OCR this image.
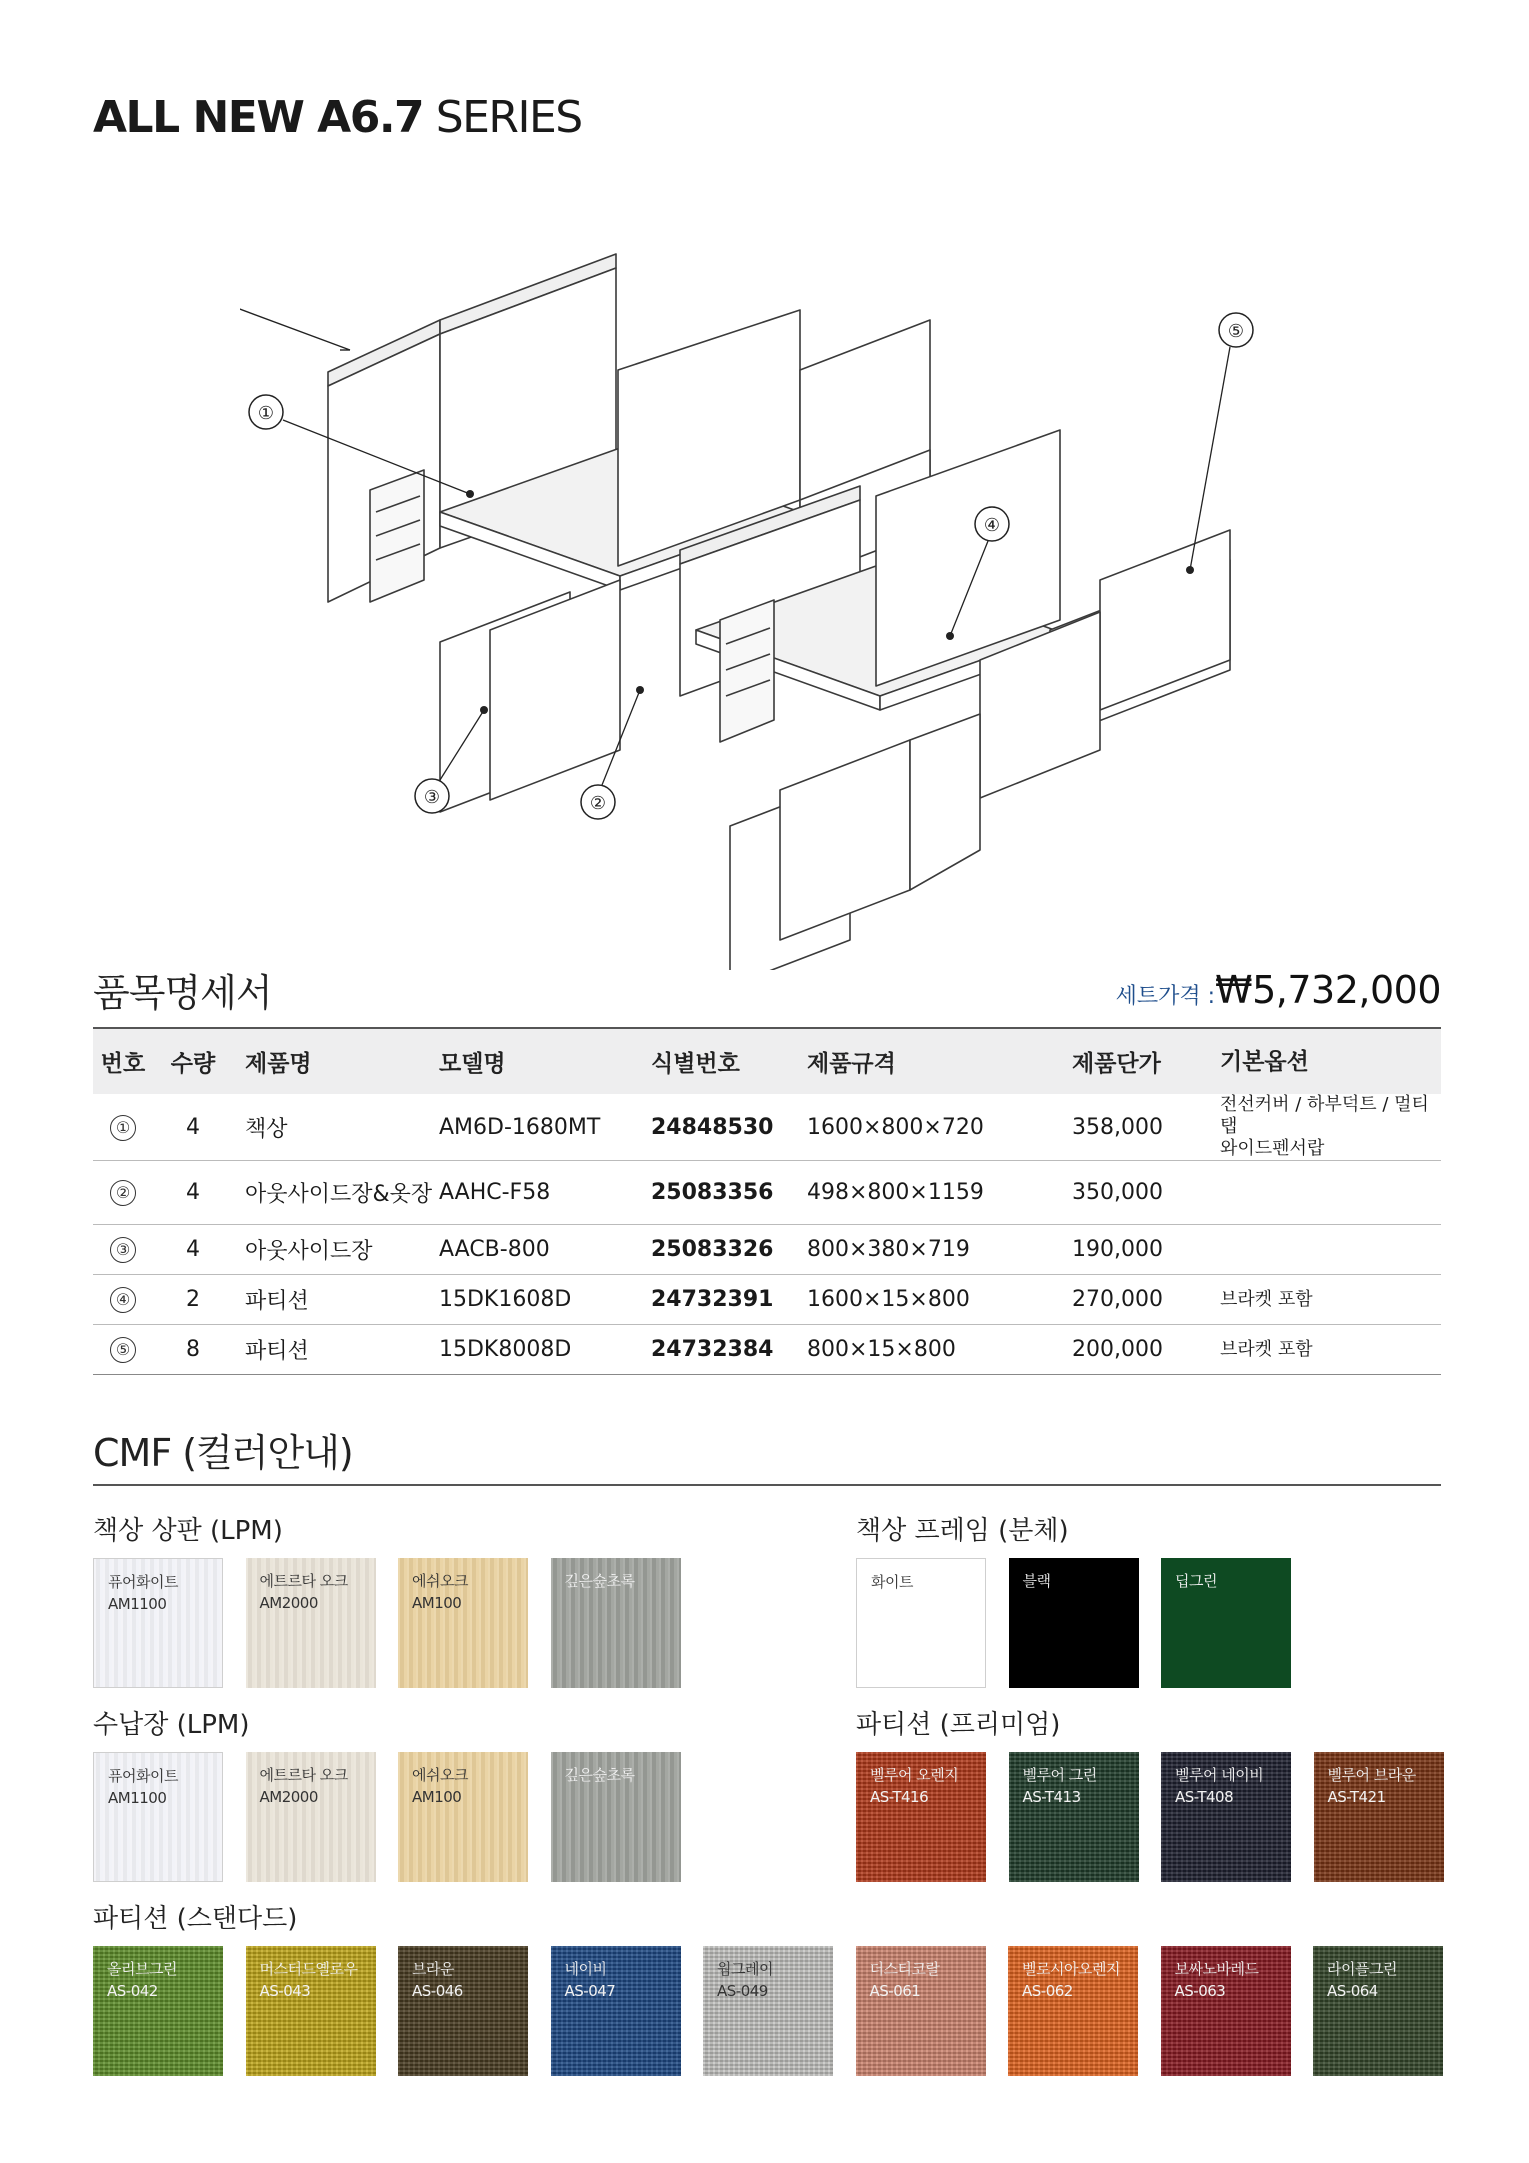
ALL NEW A6.7 SERIES
①
②
③
④
⑤
품목명세서	세트가격 :₩5,732,000
번호	수량	제품명	모델명	식별번호	제품규격	제품단가	기본옵션
①	4	책상	AM6D-1680MT	24848530	1600×800×720	358,000	전선커버 / 하부덕트 / 멀티탭
와이드펜서랍

②	4	아웃사이드장&옷장	AAHC-F58	25083356	498×800×1159	350,000	
③	4	아웃사이드장	AACB-800	25083326	800×380×719	190,000	
④	2	파티션	15DK1608D	24732391	1600×15×800	270,000	브라켓 포함
⑤	8	파티션	15DK8008D	24732384	800×15×800	200,000	브라켓 포함
CMF (컬러안내)
책상 상판 (LPM)	책상 프레임 (분체)
수납장 (LPM)	파티션 (프리미엄)
파티션 (스탠다드)
퓨어화이트
AM1100
에트르타 오크
AM2000
에쉬오크
AM100
깊은숲초록	화이트	블랙	딥그린
퓨어화이트
AM1100
에트르타 오크
AM2000
에쉬오크
AM100
깊은숲초록	벨루어 오렌지
AS-T416
벨루어 그린
AS-T413
벨루어 네이비
AS-T408
벨루어 브라운
AS-T421
올리브그린
AS-042
머스터드옐로우
AS-043
브라운
AS-046
네이비
AS-047
웜그레이
AS-049
더스티코랄
AS-061
벨로시아오렌지
AS-062
보싸노바레드
AS-063
라이플그린
AS-064
